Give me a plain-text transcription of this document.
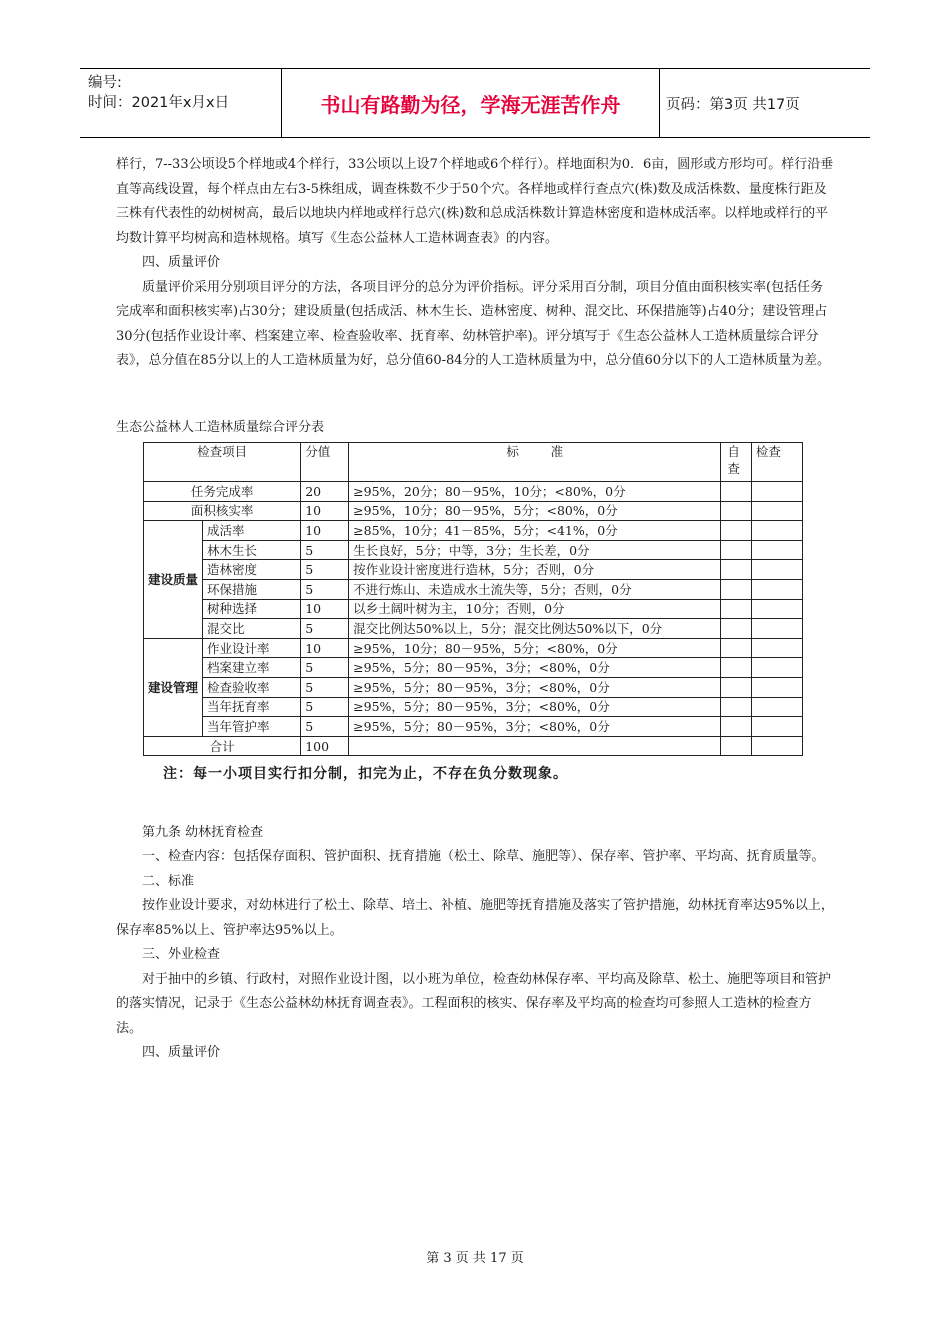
编号:
时间：2021年x月x日	书山有路勤为径，学海无涯苦作舟	页码：第3页 共17页

样行，7--33公顷设5个样地或4个样行，33公顷以上设7个样地或6个样行）。样地面积为0．6亩，圆形或方形均可。样行沿垂直等高线设置，每个样点由左右3-5株组成，调查株数不少于50个穴。各样地或样行查点穴(株)数及成活株数、量度株行距及三株有代表性的幼树树高，最后以地块内样地或样行总穴(株)数和总成活株数计算造林密度和造林成活率。以样地或样行的平均数计算平均树高和造林规格。填写《生态公益林人工造林调查表》的内容。

四、质量评价

质量评价采用分别项目评分的方法，各项目评分的总分为评价指标。评分采用百分制，项目分值由面积核实率(包括任务完成率和面积核实率)占30分；建设质量(包括成活、林木生长、造林密度、树种、混交比、环保措施等)占40分；建设管理占30分(包括作业设计率、档案建立率、检查验收率、抚育率、幼林管护率)。评分填写于《生态公益林人工造林质量综合评分表》，总分值在85分以上的人工造林质量为好，总分值60-84分的人工造林质量为中，总分值60分以下的人工造林质量为差。

生态公益林人工造林质量综合评分表

检查项目		分值	标        准	自查	检查
任务完成率		20	≥95%，20分；80－95%，10分；<80%，0分		
面积核实率		10	≥95%，10分；80－95%，5分；<80%，0分		
建设质量	成活率	10	≥85%，10分；41－85%，5分；<41%，0分		
	林木生长	5	生长良好，5分；中等，3分；生长差，0分		
	造林密度	5	按作业设计密度进行造林，5分；否则，0分		
	环保措施	5	不进行炼山、未造成水土流失等，5分；否则，0分		
	树种选择	10	以乡土阔叶树为主，10分；否则，0分		
	混交比	5	混交比例达50%以上，5分；混交比例达50%以下，0分		
建设管理	作业设计率	10	≥95%，10分；80－95%，5分；<80%，0分		
	档案建立率	5	≥95%，5分；80－95%，3分；<80%，0分		
	检查验收率	5	≥95%，5分；80－95%，3分；<80%，0分		
	当年抚育率	5	≥95%，5分；80－95%，3分；<80%，0分		
	当年管护率	5	≥95%，5分；80－95%，3分；<80%，0分		
合计		100			
注：每一小项目实行扣分制，扣完为止，不存在负分数现象。

第九条 幼林抚育检查

一、检查内容：包括保存面积、管护面积、抚育措施（松土、除草、施肥等）、保存率、管护率、平均高、抚育质量等。

二、标准

按作业设计要求，对幼林进行了松土、除草、培土、补植、施肥等抚育措施及落实了管护措施，幼林抚育率达95%以上，保存率85%以上、管护率达95%以上。

三、外业检查

对于抽中的乡镇、行政村，对照作业设计图，以小班为单位，检查幼林保存率、平均高及除草、松土、施肥等项目和管护的落实情况，记录于《生态公益林幼林抚育调查表》。工程面积的核实、保存率及平均高的检查均可参照人工造林的检查方法。

四、质量评价

第 3 页 共 17 页
